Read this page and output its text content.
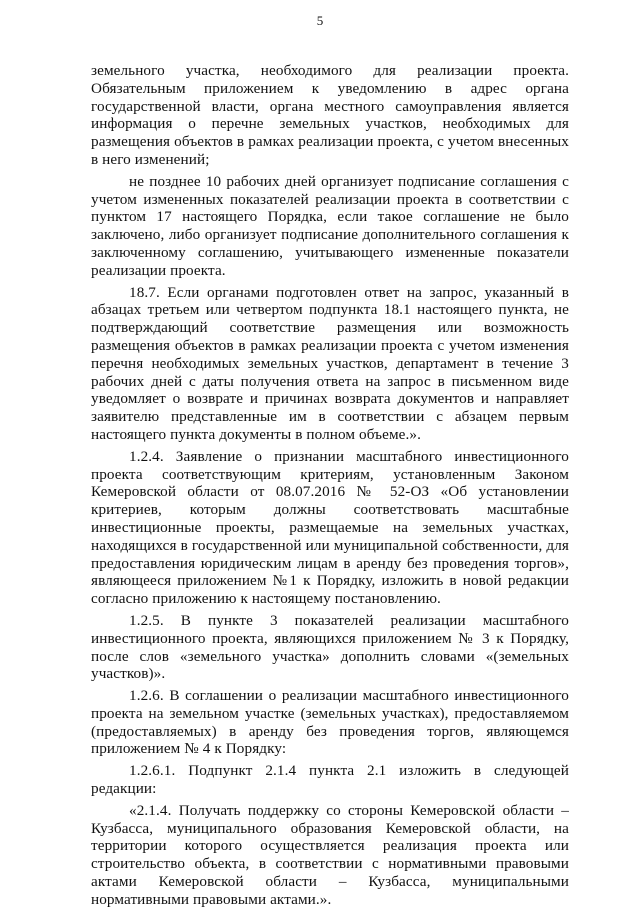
5

земельного участка, необходимого для реализации проекта. Обязательным приложением к уведомлению в адрес органа государственной власти, органа местного самоуправления является информация о перечне земельных участков, необходимых для размещения объектов в рамках реализации проекта, с учетом внесенных в него изменений;

не позднее 10 рабочих дней организует подписание соглашения с учетом измененных показателей реализации проекта в соответствии с пунктом 17 настоящего Порядка, если такое соглашение не было заключено, либо организует подписание дополнительного соглашения к заключенному соглашению, учитывающего измененные показатели реализации проекта.

18.7. Если органами подготовлен ответ на запрос, указанный в абзацах третьем или четвертом подпункта 18.1 настоящего пункта, не подтверждающий соответствие размещения или возможность размещения объектов в рамках реализации проекта с учетом изменения перечня необходимых земельных участков, департамент в течение 3 рабочих дней с даты получения ответа на запрос в письменном виде уведомляет о возврате и причинах возврата документов и направляет заявителю представленные им в соответствии с абзацем первым настоящего пункта документы в полном объеме.».

1.2.4. Заявление о признании масштабного инвестиционного проекта соответствующим критериям, установленным Законом Кемеровской области от 08.07.2016 № 52-ОЗ «Об установлении критериев, которым должны соответствовать масштабные инвестиционные проекты, размещаемые на земельных участках, находящихся в государственной или муниципальной собственности, для предоставления юридическим лицам в аренду без проведения торгов», являющееся приложением №1 к Порядку, изложить в новой редакции согласно приложению к настоящему постановлению.

1.2.5. В пункте 3 показателей реализации масштабного инвестиционного проекта, являющихся приложением № 3 к Порядку, после слов «земельного участка» дополнить словами «(земельных участков)».

1.2.6. В соглашении о реализации масштабного инвестиционного проекта на земельном участке (земельных участках), предоставляемом (предоставляемых) в аренду без проведения торгов, являющемся приложением № 4 к Порядку:

1.2.6.1. Подпункт 2.1.4 пункта 2.1 изложить в следующей редакции:

«2.1.4. Получать поддержку со стороны Кемеровской области – Кузбасса, муниципального образования Кемеровской области, на территории которого осуществляется реализация проекта или строительство объекта, в соответствии с нормативными правовыми актами Кемеровской области – Кузбасса, муниципальными нормативными правовыми актами.».
